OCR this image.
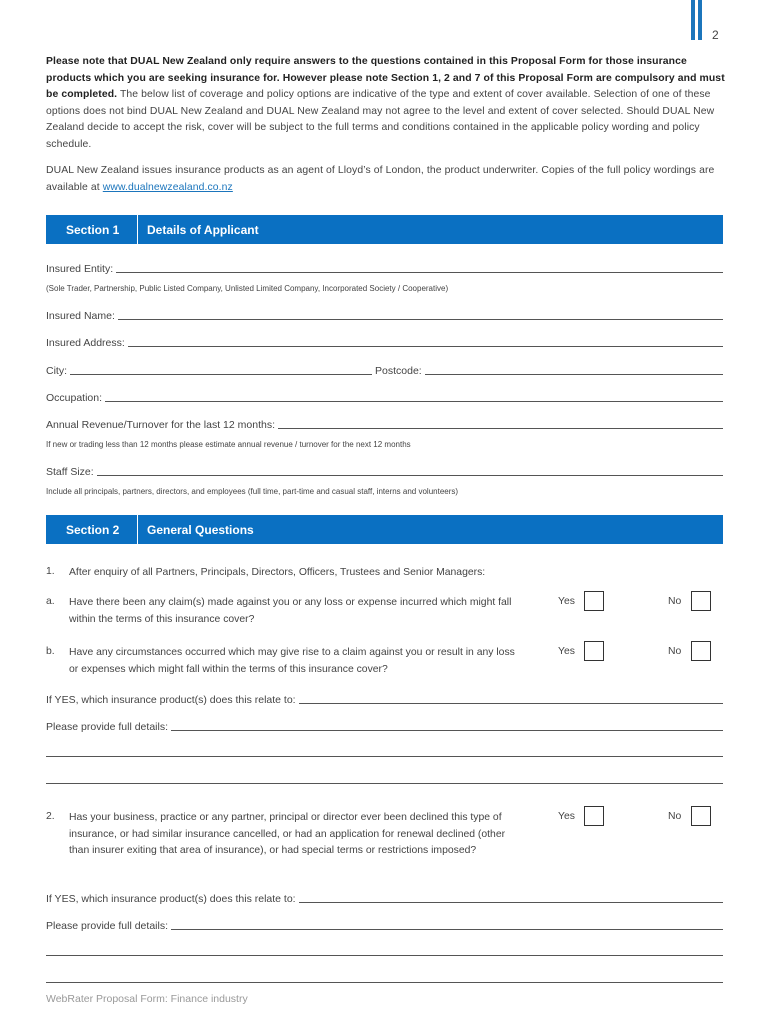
2
Please note that DUAL New Zealand only require answers to the questions contained in this Proposal Form for those insurance products which you are seeking insurance for. However please note Section 1, 2 and 7 of this Proposal Form are compulsory and must be completed. The below list of coverage and policy options are indicative of the type and extent of cover available. Selection of one of these options does not bind DUAL New Zealand and DUAL New Zealand may not agree to the level and extent of cover selected. Should DUAL New Zealand decide to accept the risk, cover will be subject to the full terms and conditions contained in the applicable policy wording and policy schedule.
DUAL New Zealand issues insurance products as an agent of Lloyd’s of London, the product underwriter. Copies of the full policy wordings are available at www.dualnewzealand.co.nz
Section 1 Details of Applicant
Insured Entity:
(Sole Trader, Partnership, Public Listed Company, Unlisted Limited Company, Incorporated Society / Cooperative)
Insured Name:
Insured Address:
City:	Postcode:
Occupation:
Annual Revenue/Turnover for the last 12 months:
If new or trading less than 12 months please estimate annual revenue / turnover for the next 12 months
Staff Size:
Include all principals, partners, directors, and employees (full time, part-time and casual staff, interns and volunteers)
Section 2 General Questions
1. After enquiry of all Partners, Principals, Directors, Officers, Trustees and Senior Managers:
a. Have there been any claim(s) made against you or any loss or expense incurred which might fall within the terms of this insurance cover?
Yes	No
b. Have any circumstances occurred which may give rise to a claim against you or result in any loss or expenses which might fall within the terms of this insurance cover?
Yes	No
If YES, which insurance product(s) does this relate to:
Please provide full details:
2. Has your business, practice or any partner, principal or director ever been declined this type of insurance, or had similar insurance cancelled, or had an application for renewal declined (other than insurer exiting that area of insurance), or had special terms or restrictions imposed?
Yes	No
If YES, which insurance product(s) does this relate to:
Please provide full details:
WebRater Proposal Form: Finance industry
